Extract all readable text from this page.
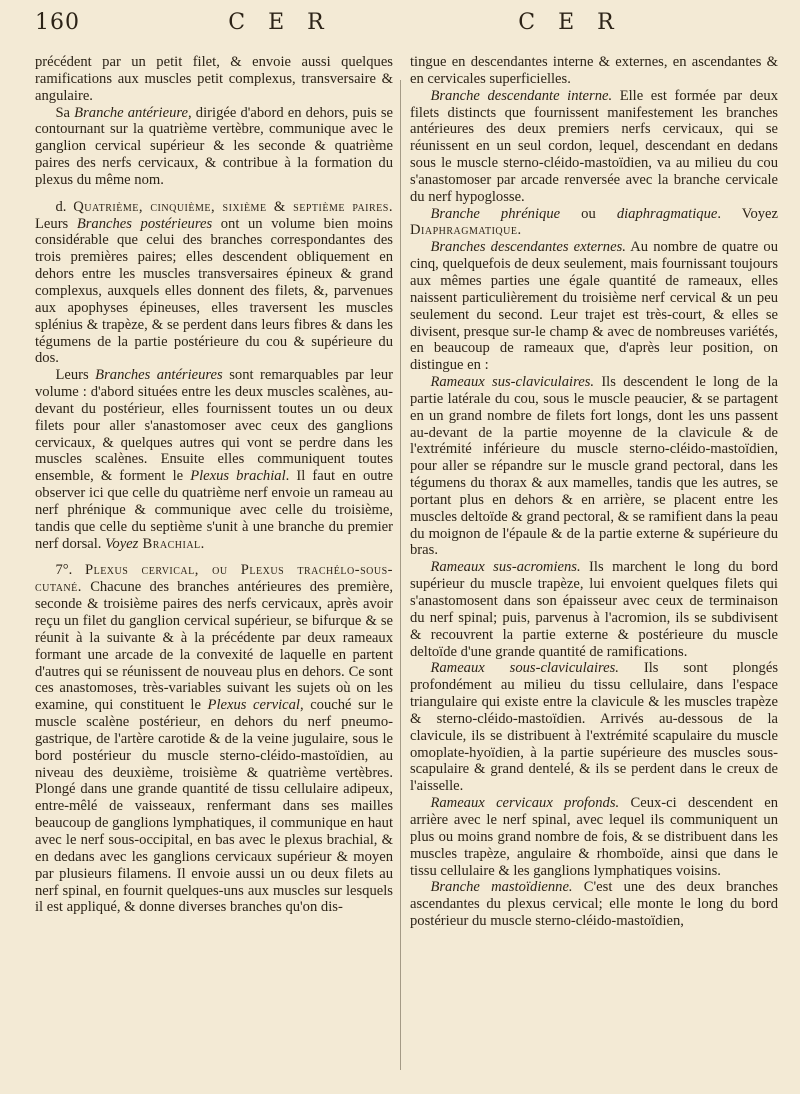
160	C E R	C E R

précédent par un petit filet, & envoie aussi quelques ramifications aux muscles petit complexus, transversaire & angulaire.

Sa Branche antérieure, dirigée d'abord en dehors, puis se contournant sur la quatrième vertèbre, communique avec le ganglion cervical supérieur & les seconde & quatrième paires des nerfs cervicaux, & contribue à la formation du plexus du même nom.

d. Quatrième, cinquième, sixième & septième paires. Leurs Branches postérieures ont un volume bien moins considérable que celui des branches correspondantes des trois premières paires; elles descendent obliquement en dehors entre les muscles transversaires épineux & grand complexus, auxquels elles donnent des filets, &, parvenues aux apophyses épineuses, elles traversent les muscles splénius & trapèze, & se perdent dans leurs fibres & dans les tégumens de la partie postérieure du cou & supérieure du dos.

Leurs Branches antérieures sont remarquables par leur volume : d'abord situées entre les deux muscles scalènes, au-devant du postérieur, elles fournissent toutes un ou deux filets pour aller s'anastomoser avec ceux des ganglions cervicaux, & quelques autres qui vont se perdre dans les muscles scalènes. Ensuite elles communiquent toutes ensemble, & forment le Plexus brachial. Il faut en outre observer ici que celle du quatrième nerf envoie un rameau au nerf phrénique & communique avec celle du troisième, tandis que celle du septième s'unit à une branche du premier nerf dorsal. Voyez Brachial.

7°. Plexus cervical, ou Plexus trachélo-sous-cutané. Chacune des branches antérieures des première, seconde & troisième paires des nerfs cervicaux, après avoir reçu un filet du ganglion cervical supérieur, se bifurque & se réunit à la suivante & à la précédente par deux rameaux formant une arcade de la convexité de laquelle en partent d'autres qui se réunissent de nouveau plus en dehors. Ce sont ces anastomoses, très-variables suivant les sujets où on les examine, qui constituent le Plexus cervical, couché sur le muscle scalène postérieur, en dehors du nerf pneumo-gastrique, de l'artère carotide & de la veine jugulaire, sous le bord postérieur du muscle sterno-cléido-mastoïdien, au niveau des deuxième, troisième & quatrième vertèbres. Plongé dans une grande quantité de tissu cellulaire adipeux, entre-mêlé de vaisseaux, renfermant dans ses mailles beaucoup de ganglions lymphatiques, il communique en haut avec le nerf sous-occipital, en bas avec le plexus brachial, & en dedans avec les ganglions cervicaux supérieur & moyen par plusieurs filamens. Il envoie aussi un ou deux filets au nerf spinal, en fournit quelques-uns aux muscles sur lesquels il est appliqué, & donne diverses branches qu'on dis-

tingue en descendantes interne & externes, en ascendantes & en cervicales superficielles.

Branche descendante interne. Elle est formée par deux filets distincts que fournissent manifestement les branches antérieures des deux premiers nerfs cervicaux, qui se réunissent en un seul cordon, lequel, descendant en dedans sous le muscle sterno-cléido-mastoïdien, va au milieu du cou s'anastomoser par arcade renversée avec la branche cervicale du nerf hypoglosse.

Branche phrénique ou diaphragmatique. Voyez Diaphragmatique.

Branches descendantes externes. Au nombre de quatre ou cinq, quelquefois de deux seulement, mais fournissant toujours aux mêmes parties une égale quantité de rameaux, elles naissent particulièrement du troisième nerf cervical & un peu seulement du second. Leur trajet est très-court, & elles se divisent, presque sur-le champ & avec de nombreuses variétés, en beaucoup de rameaux que, d'après leur position, on distingue en :

Rameaux sus-claviculaires. Ils descendent le long de la partie latérale du cou, sous le muscle peaucier, & se partagent en un grand nombre de filets fort longs, dont les uns passent au-devant de la partie moyenne de la clavicule & de l'extrémité inférieure du muscle sterno-cléido-mastoïdien, pour aller se répandre sur le muscle grand pectoral, dans les tégumens du thorax & aux mamelles, tandis que les autres, se portant plus en dehors & en arrière, se placent entre les muscles deltoïde & grand pectoral, & se ramifient dans la peau du moignon de l'épaule & de la partie externe & supérieure du bras.

Rameaux sus-acromiens. Ils marchent le long du bord supérieur du muscle trapèze, lui envoient quelques filets qui s'anastomosent dans son épaisseur avec ceux de terminaison du nerf spinal; puis, parvenus à l'acromion, ils se subdivisent & recouvrent la partie externe & postérieure du muscle deltoïde d'une grande quantité de ramifications.

Rameaux sous-claviculaires. Ils sont plongés profondément au milieu du tissu cellulaire, dans l'espace triangulaire qui existe entre la clavicule & les muscles trapèze & sterno-cléido-mastoïdien. Arrivés au-dessous de la clavicule, ils se distribuent à l'extrémité scapulaire du muscle omoplate-hyoïdien, à la partie supérieure des muscles sous-scapulaire & grand dentelé, & ils se perdent dans le creux de l'aisselle.

Rameaux cervicaux profonds. Ceux-ci descendent en arrière avec le nerf spinal, avec lequel ils communiquent un plus ou moins grand nombre de fois, & se distribuent dans les muscles trapèze, angulaire & rhomboïde, ainsi que dans le tissu cellulaire & les ganglions lymphatiques voisins.

Branche mastoïdienne. C'est une des deux branches ascendantes du plexus cervical; elle monte le long du bord postérieur du muscle sterno-cléido-mastoïdien,
